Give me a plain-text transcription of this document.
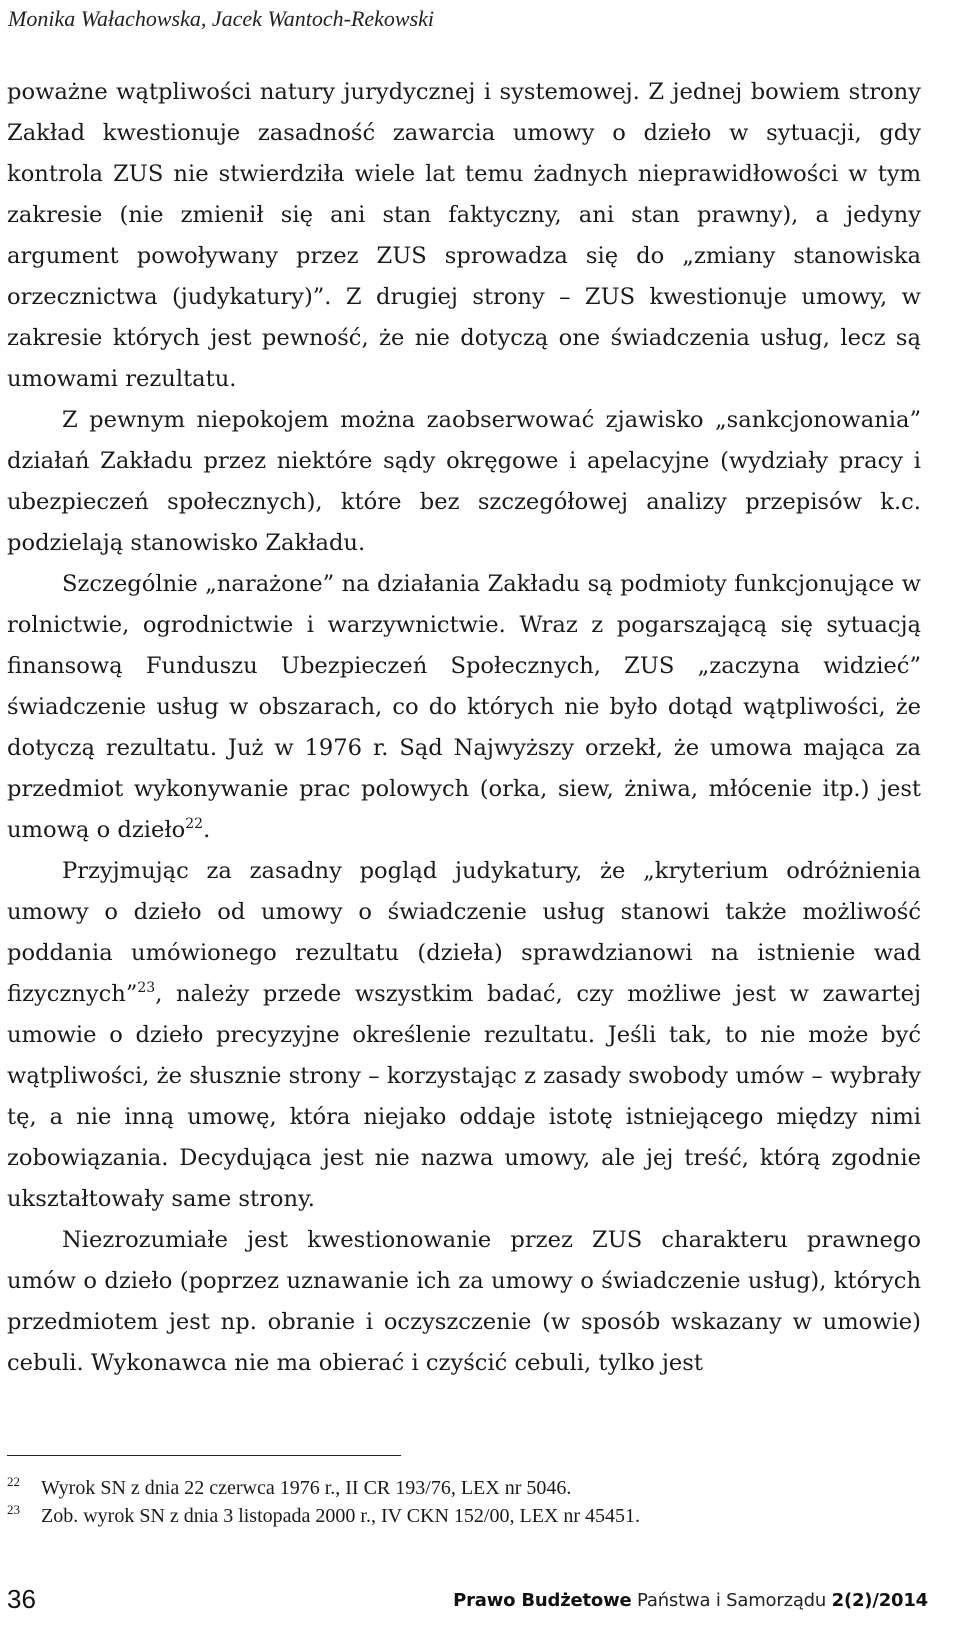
Monika Wałachowska, Jacek Wantoch-Rekowski

poważne wątpliwości natury jurydycznej i systemowej. Z jednej bowiem strony Zakład kwestionuje zasadność zawarcia umowy o dzieło w sytuacji, gdy kontrola ZUS nie stwierdziła wiele lat temu żadnych nieprawidłowości w tym zakresie (nie zmienił się ani stan faktyczny, ani stan prawny), a jedyny argument powoływany przez ZUS sprowadza się do „zmiany stanowiska orzecznictwa (judykatury)”. Z drugiej strony – ZUS kwestionuje umowy, w zakresie których jest pewność, że nie dotyczą one świadczenia usług, lecz są umowami rezultatu.

Z pewnym niepokojem można zaobserwować zjawisko „sankcjonowania” działań Zakładu przez niektóre sądy okręgowe i apelacyjne (wydziały pracy i ubezpieczeń społecznych), które bez szczegółowej analizy przepisów k.c. podzielają stanowisko Zakładu.

Szczególnie „narażone” na działania Zakładu są podmioty funkcjonujące w rolnictwie, ogrodnictwie i warzywnictwie. Wraz z pogarszającą się sytuacją finansową Funduszu Ubezpieczeń Społecznych, ZUS „zaczyna widzieć” świadczenie usług w obszarach, co do których nie było dotąd wątpliwości, że dotyczą rezultatu. Już w 1976 r. Sąd Najwyższy orzekł, że umowa mająca za przedmiot wykonywanie prac polowych (orka, siew, żniwa, młócenie itp.) jest umową o dzieło$^{22}$.

Przyjmując za zasadny pogląd judykatury, że „kryterium odróżnienia umowy o dzieło od umowy o świadczenie usług stanowi także możliwość poddania umówionego rezultatu (dzieła) sprawdzianowi na istnienie wad fizycznych”$^{23}$, należy przede wszystkim badać, czy możliwe jest w zawartej umowie o dzieło precyzyjne określenie rezultatu. Jeśli tak, to nie może być wątpliwości, że słusznie strony – korzystając z zasady swobody umów – wybrały tę, a nie inną umowę, która niejako oddaje istotę istniejącego między nimi zobowiązania. Decydująca jest nie nazwa umowy, ale jej treść, którą zgodnie ukształtowały same strony.

Niezrozumiałe jest kwestionowanie przez ZUS charakteru prawnego umów o dzieło (poprzez uznawanie ich za umowy o świadczenie usług), których przedmiotem jest np. obranie i oczyszczenie (w sposób wskazany w umowie) cebuli. Wykonawca nie ma obierać i czyścić cebuli, tylko jest

22	Wyrok SN z dnia 22 czerwca 1976 r., II CR 193/76, LEX nr 5046.
23	Zob. wyrok SN z dnia 3 listopada 2000 r., IV CKN 152/00, LEX nr 45451.
36	Prawo Budżetowe Państwa i Samorządu 2(2)/2014
